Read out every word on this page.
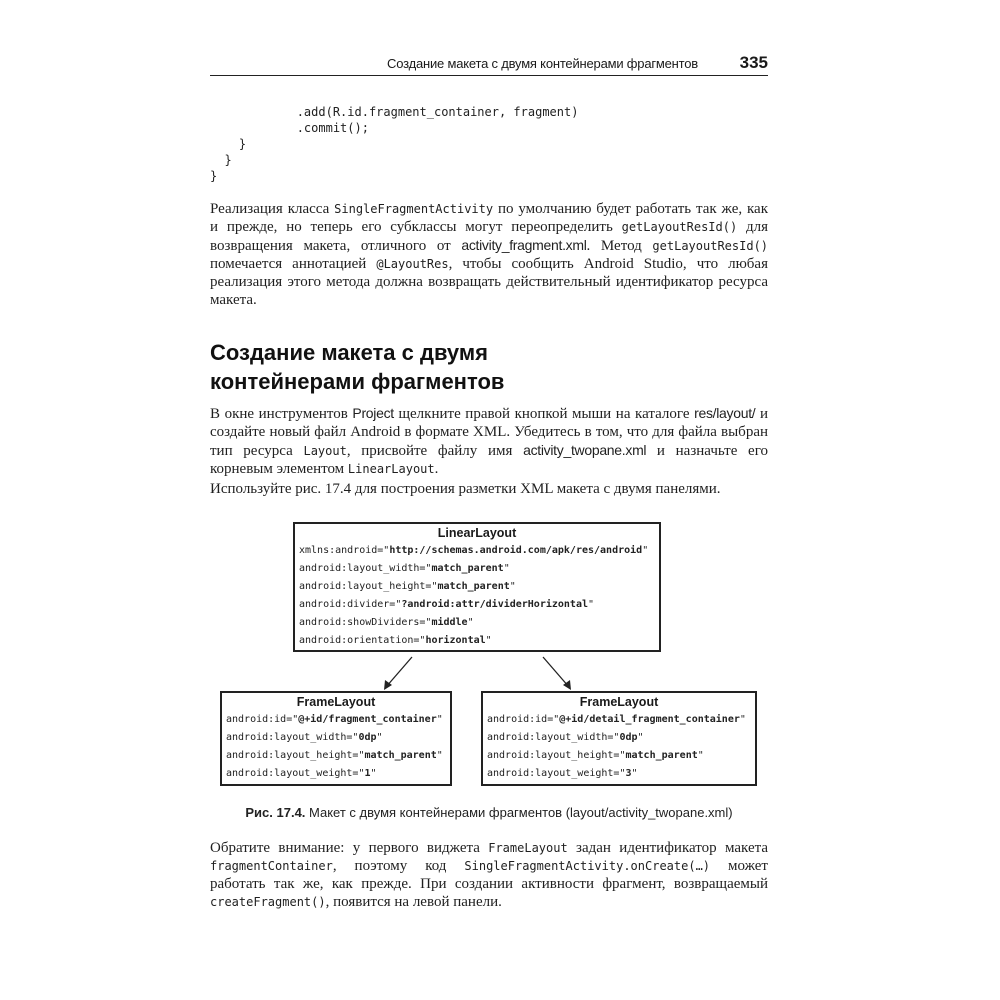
Создание макета с двумя контейнерами фрагментов 335
.add(R.id.fragment_container, fragment)
.commit();
}
}
}
Реализация класса SingleFragmentActivity по умолчанию будет работать так же, как и прежде, но теперь его субклассы могут переопределить getLayoutResId() для возвращения макета, отличного от activity_fragment.xml. Метод getLayoutResId() помечается аннотацией @LayoutRes, чтобы сообщить Android Studio, что любая реализация этого метода должна возвращать действительный идентификатор ресурса макета.
Создание макета с двумя
контейнерами фрагментов
В окне инструментов Project щелкните правой кнопкой мыши на каталоге res/layout/ и создайте новый файл Android в формате XML. Убедитесь в том, что для файла выбран тип ресурса Layout, присвойте файлу имя activity_twopane.xml и назначьте его корневым элементом LinearLayout.
Используйте рис. 17.4 для построения разметки XML макета с двумя панелями.
LinearLayout
xmlns:android="http://schemas.android.com/apk/res/android"
android:layout_width="match_parent"
android:layout_height="match_parent"
android:divider="?android:attr/dividerHorizontal"
android:showDividers="middle"
android:orientation="horizontal"
FrameLayout
android:id="@+id/fragment_container"
android:layout_width="0dp"
android:layout_height="match_parent"
android:layout_weight="1"
FrameLayout
android:id="@+id/detail_fragment_container"
android:layout_width="0dp"
android:layout_height="match_parent"
android:layout_weight="3"
Рис. 17.4. Макет с двумя контейнерами фрагментов (layout/activity_twopane.xml)
Обратите внимание: у первого виджета FrameLayout задан идентификатор макета fragmentContainer, поэтому код SingleFragmentActivity.onCreate(…) может работать так же, как прежде. При создании активности фрагмент, возвращаемый createFragment(), появится на левой панели.
